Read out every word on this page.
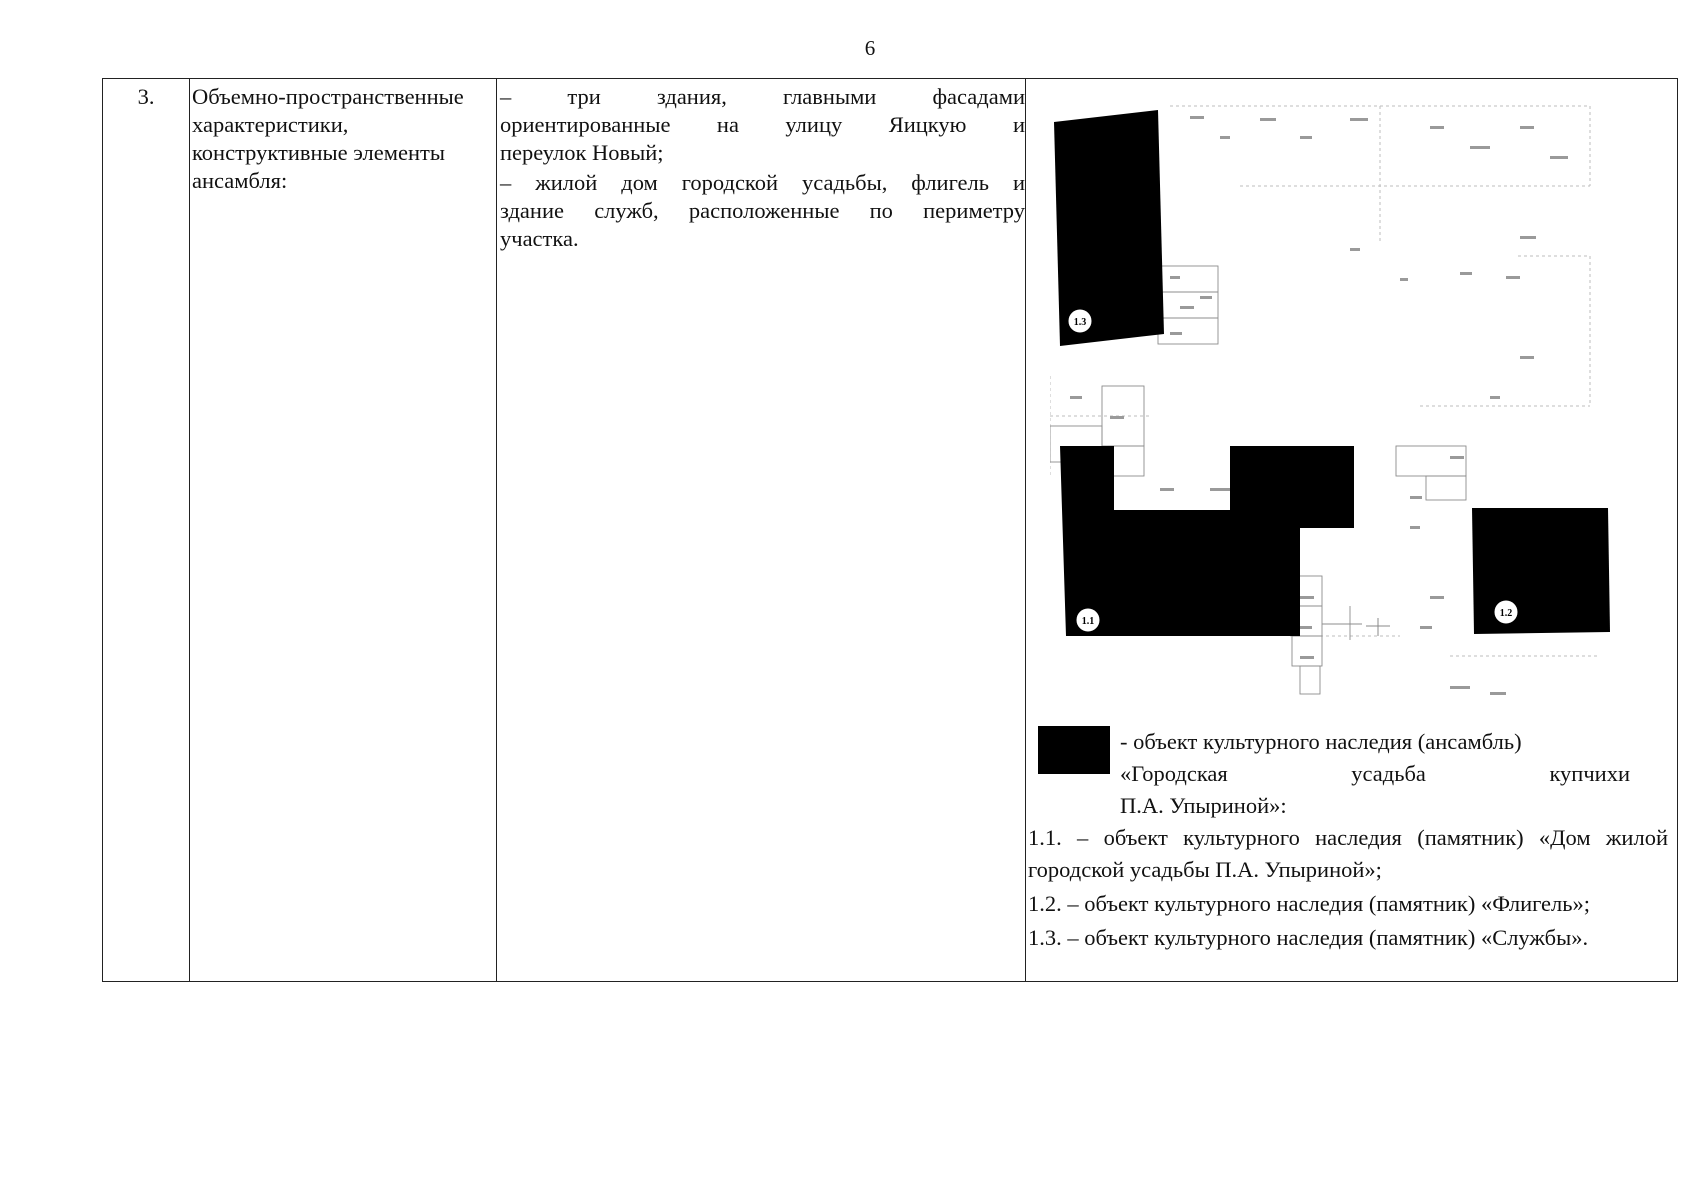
6
3.	Объемно-пространственные
характеристики,
конструктивные элементы
ансамбля:
– три здания, главными фасадами
ориентированные на улицу Яицкую и
переулок Новый;
– жилой дом городской усадьбы, флигель и
здание служб, расположенные по периметру
участка.
1.3
1.1
1.2
- объект культурного наследия (ансамбль)
«Городская усадьба купчихи
П.А. Упыриной»:
1.1. – объект культурного наследия (памятник) «Дом жилой
городской усадьбы П.А. Упыриной»;
1.2. – объект культурного наследия (памятник) «Флигель»;
1.3. – объект культурного наследия (памятник) «Службы».
